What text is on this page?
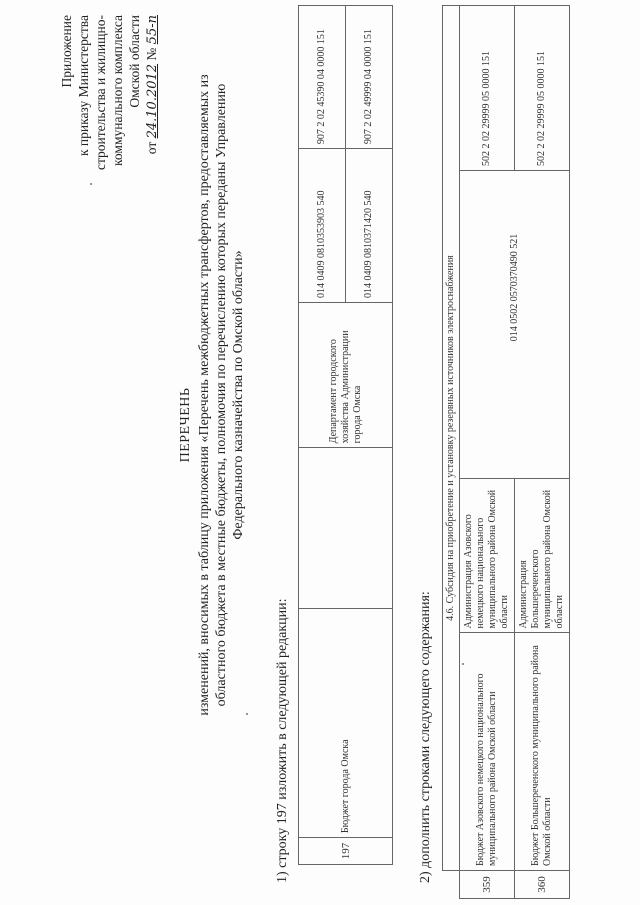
Приложение к приказу Министерства строительства и жилищно- коммунального комплекса Омской области
от 24.10.2012 № 55-п
ПЕРЕЧЕНЬ изменений, вносимых в таблицу приложения «Перечень межбюджетных трансфертов, предоставляемых из областного бюджета в местные бюджеты, полномочия по перечислению которых переданы Управлению Федерального казначейства по Омской области»
1) строку 197 изложить в следующей редакции:	197	Бюджет города Омска		Департамент городского хозяйства Администрации города Омска	014 0409 0810353903 540	907 2 02 45390 04 0000 151
				014 0409 0810371420 540	907 2 02 49999 04 0000 151
2) дополнить строками следующего содержания:
	4.6. Субсидия на приобретение и установку резервных источников электроснабжения				
359	Бюджет Азовского немецкого национального муниципального района Омской области	Администрация Азовского немецкого национального муниципального района Омской области		014 0502 0570370490 521	502 2 02 29999 05 0000 151
360	Бюджет Большереченского муниципального района Омской области	Администрация Большереченского муниципального района Омской области			502 2 02 29999 05 0000 151
